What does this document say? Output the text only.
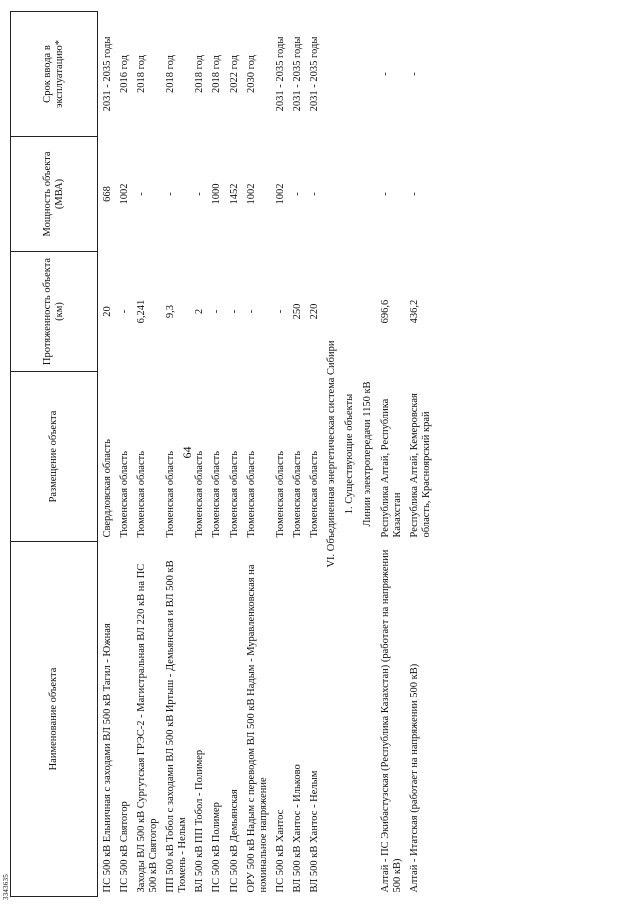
3343635
64
Наименование объекта	Размещение объекта	Протяженность объекта (км)	Мощность объекта (МВА)	Срок ввода в эксплуатацию*
ПС 500 кВ Ельничная с заходами ВЛ 500 кВ Тагил - Южная	Свердловская область	20	668	2031 - 2035 годы
ПС 500 кВ Святогор	Тюменская область	-	1002	2016 год
Заходы ВЛ 500 кВ Сургутская ГРЭС-2 - Магистральная ВЛ 220 кВ на ПС 500 кВ Святогор	Тюменская область	6,241	-	2018 год
ПП 500 кВ Тобол с заходами ВЛ 500 кВ Иртыш - Демьянская и ВЛ 500 кВ Тюмень - Нелым	Тюменская область	9,3	-	2018 год
ВЛ 500 кВ ПП Тобол - Полимер	Тюменская область	2	-	2018 год
ПС 500 кВ Полимер	Тюменская область	-	1000	2018 год
ПС 500 кВ Демьянская	Тюменская область	-	1452	2022 год
ОРУ 500 кВ Надым с переводом ВЛ 500 кВ Надым - Муравленковская на номинальное напряжение	Тюменская область	-	1002	2030 год
ПС 500 кВ Хантос	Тюменская область	-	1002	2031 - 2035 годы
ВЛ 500 кВ Хантос - Ильково	Тюменская область	250	-	2031 - 2035 годы
ВЛ 500 кВ Хантос - Нелым	Тюменская область	220	-	2031 - 2035 годы
VI. Объединенная энергетическая система Сибири				
1. Существующие объекты				
Линии электропередачи 1150 кВ				
Алтай - ПС Экибастузская (Республика Казахстан) (работает на напряжении 500 кВ)	Республика Алтай, Республика Казахстан	696,6	-	-
Алтай - Итатская (работает на напряжении 500 кВ)	Республика Алтай, Кемеровская область, Красноярский край	436,2	-	-
